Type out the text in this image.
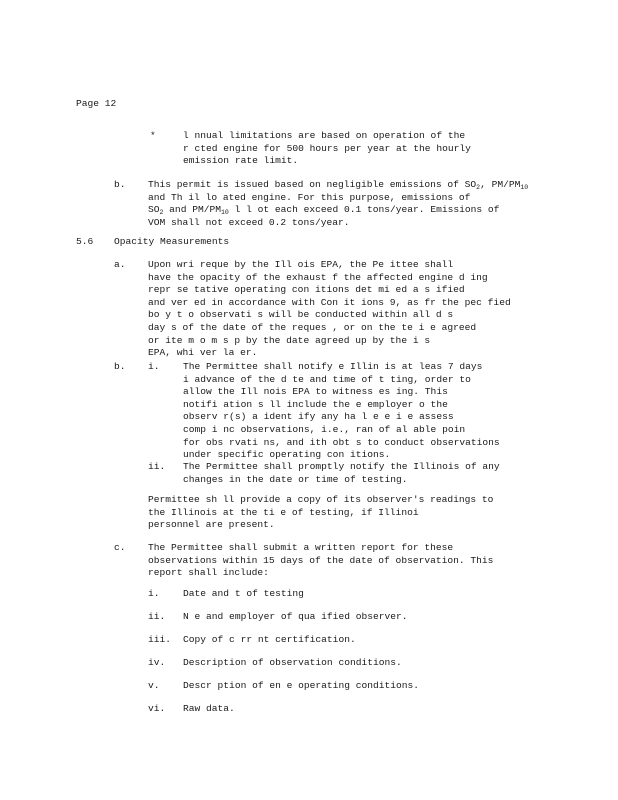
Page 12
*	l nnual limitations are based on operation of the
r cted engine for 500 hours per year at the hourly
emission rate limit.
b. This permit is issued based on negligible emissions of $SO_2$, $PM/PM_{10}$
and Th il lo ated engine. For this purpose, emissions of
$SO_2$ and $PM/PM_{10}$ l l ot each exceed 0.1 tons/year. Emissions of
VOM shall not exceed 0.2 tons/year.
5.6 Opacity Measurements
a. Upon wri reque by the Ill ois EPA, the Pe ittee shall
have the opacity of the exhaust f the affected engine d ing
repr se tative operating con itions det mi ed a s ified
and ver ed in accordance with Con it ions 9, as fr the pec fied
bo y t o observati s will be conducted within all d s
day s of the date of the reques , or on the te i e agreed
or ite m o m s p by the date agreed up by the i s
EPA, whi ver la er.
b. i. The Permittee shall notify e Illin is at leas 7 days
i advance of the d te and time of t ting, order to
allow the Ill nois EPA to witness es ing. This
notifi ation s ll include the e employer o the
observ r(s) a ident ify any ha l e e i e assess
comp i nc observations, i.e., ran of al able poin
for obs rvati ns, and ith obt s to conduct observations
under specific operating con itions.
ii. The Permittee shall promptly notify the Illinois of any
changes in the date or time of testing.
Permittee sh ll provide a copy of its observer's readings to
the Illinois at the ti e of testing, if Illinoi
personnel are present.
c. The Permittee shall submit a written report for these
observations within 15 days of the date of observation. This
report shall include:
i. Date and t of testing
ii. N e and employer of qua ified observer.
iii. Copy of c rr nt certification.
iv. Description of observation conditions.
v. Descr ption of en e operating conditions.
vi. Raw data.
